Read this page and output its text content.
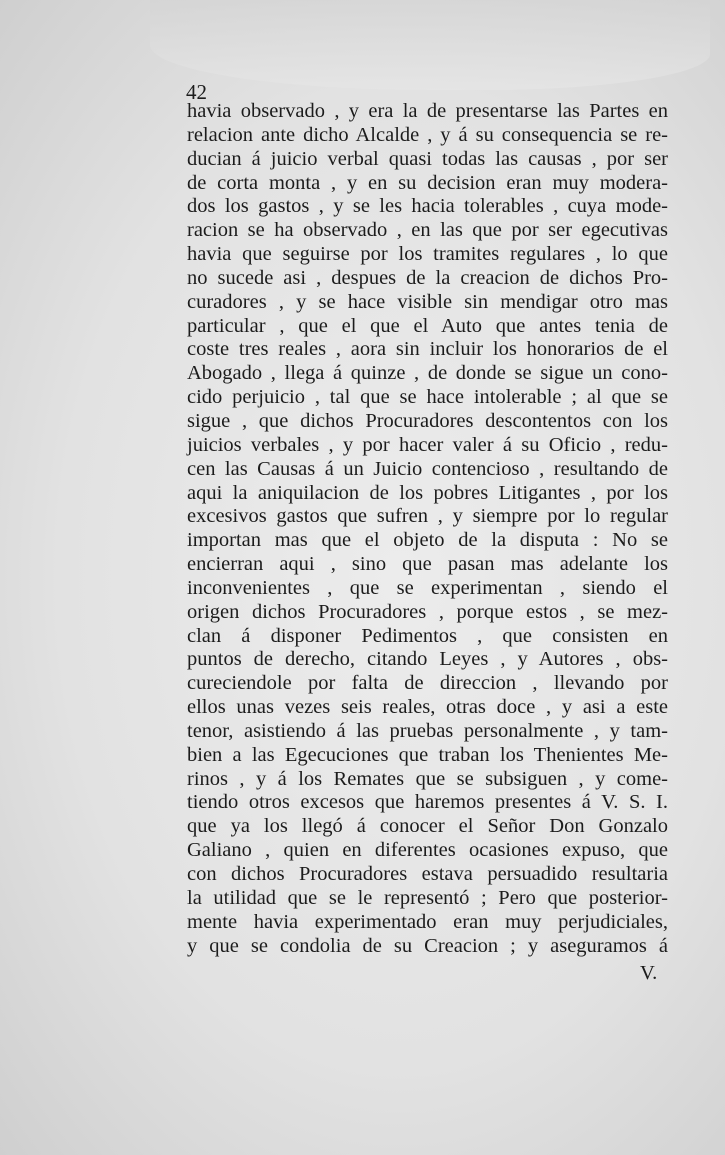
42
havia observado , y era la de presentarse las Partes en
relacion ante dicho Alcalde , y á su consequencia se re-
ducian á juicio verbal quasi todas las causas , por ser
de corta monta , y en su decision eran muy modera-
dos los gastos , y se les hacia tolerables , cuya mode-
racion se ha observado , en las que por ser egecutivas
havia que seguirse por los tramites regulares , lo que
no sucede asi , despues de la creacion de dichos Pro-
curadores , y se hace visible sin mendigar otro mas
particular , que el que el Auto que antes tenia de
coste tres reales , aora sin incluir los honorarios de el
Abogado , llega á quinze , de donde se sigue un cono-
cido perjuicio , tal que se hace intolerable ; al que se
sigue , que dichos Procuradores descontentos con los
juicios verbales , y por hacer valer á su Oficio , redu-
cen las Causas á un Juicio contencioso , resultando de
aqui la aniquilacion de los pobres Litigantes , por los
excesivos gastos que sufren , y siempre por lo regular
importan mas que el objeto de la disputa : No se
encierran aqui , sino que pasan mas adelante los
inconvenientes , que se experimentan , siendo el
origen dichos Procuradores , porque estos , se mez-
clan á disponer Pedimentos , que consisten en
puntos de derecho, citando Leyes , y Autores , obs-
cureciendole por falta de direccion , llevando por
ellos unas vezes seis reales, otras doce , y asi a este
tenor, asistiendo á las pruebas personalmente , y tam-
bien a las Egecuciones que traban los Thenientes Me-
rinos , y á los Remates que se subsiguen , y come-
tiendo otros excesos que haremos presentes á V. S. I.
que ya los llegó á conocer el Señor Don Gonzalo
Galiano , quien en diferentes ocasiones expuso, que
con dichos Procuradores estava persuadido resultaria
la utilidad que se le representó ; Pero que posterior-
mente havia experimentado eran muy perjudiciales,
y que se condolia de su Creacion ; y aseguramos á
V.
